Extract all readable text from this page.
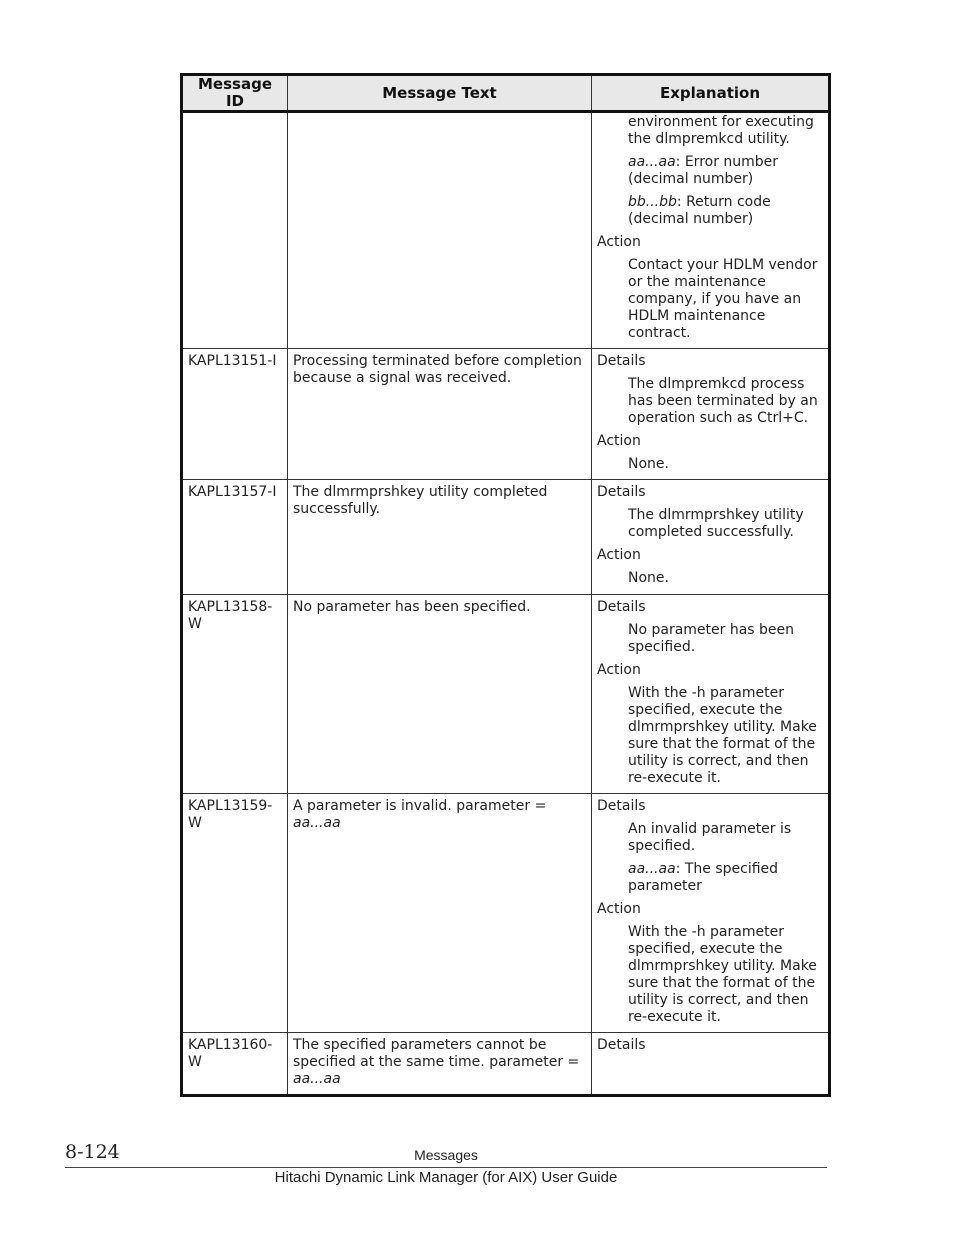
Message ID	Message Text	Explanation

		environment for executing the dlmpremkcd utility.

aa...aa: Error number (decimal number)

bb...bb: Return code (decimal number)

Action

Contact your HDLM vendor or the maintenance company, if you have an HDLM maintenance contract.

KAPL13151-I	Processing terminated before completion because a signal was received.	Details

The dlmpremkcd process has been terminated by an operation such as Ctrl+C.

Action

None.

KAPL13157-I	The dlmrmprshkey utility completed successfully.	Details

The dlmrmprshkey utility completed successfully.

Action

None.

KAPL13158-W	No parameter has been specified.	Details

No parameter has been specified.

Action

With the -h parameter specified, execute the dlmrmprshkey utility. Make sure that the format of the utility is correct, and then re-execute it.

KAPL13159-W	A parameter is invalid. parameter = aa...aa	Details

An invalid parameter is specified.

aa...aa: The specified parameter

Action

With the -h parameter specified, execute the dlmrmprshkey utility. Make sure that the format of the utility is correct, and then re-execute it.

KAPL13160-W	The specified parameters cannot be specified at the same time. parameter = aa...aa	Details

8-124	Messages
Hitachi Dynamic Link Manager (for AIX) User Guide
